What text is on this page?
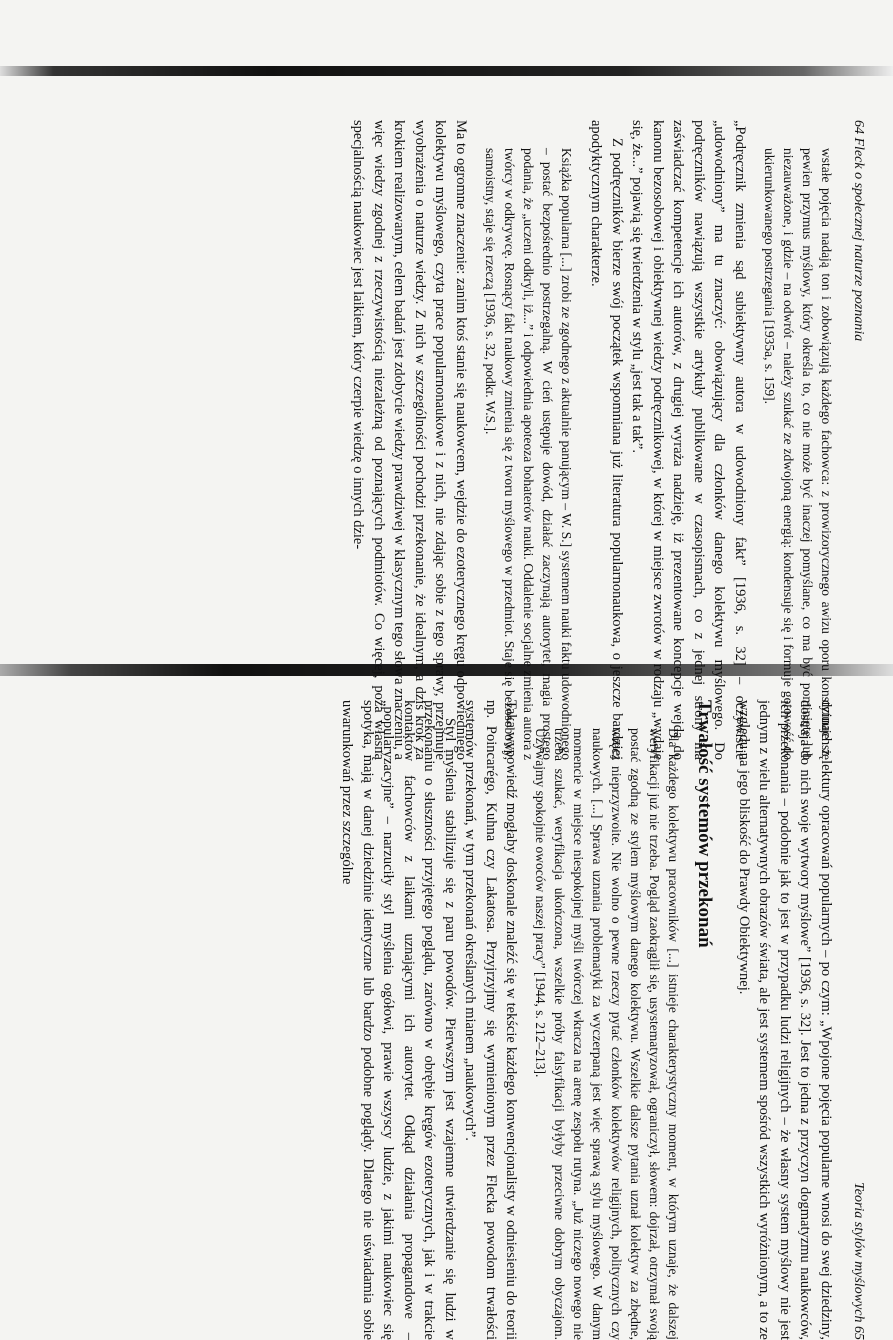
64 Fleck o społecznej naturze poznania

wstałe pojęcia nadają ton i zobowiązują każdego fachowca: z prowizorycznego awizu oporu konstytuuje się pewien przymus myślowy, który określa to, co nie może być inaczej pomyślane, co ma być pominięte lub niezauważone, i gdzie – na odwrót – należy szukać ze zdwojoną energią: kondensuje się i formuje gotowość do ukierunkowanego postrzegania [1935a, s. 159].

„Podręcznik zmienia sąd subiektywny autora w udowodniony fakt” [1936, s. 32] – oczywiście „udowodniony” ma tu znaczyć: obowiązujący dla członków danego kolektywu myślowego. Do podręczników nawiązują wszystkie artykuły publikowane w czasopismach, co z jednej strony ma zaświadczać kompetencje ich autorów, z drugiej wyraża nadzieję, iż prezentowane koncepcje wejdą do kanonu bezosobowej i obiektywnej wiedzy podręcznikowej, w której w miejsce zwrotów w rodzaju „wydaje się, że...” pojawią się twierdzenia w stylu „jest tak a tak”.

Z podręczników bierze swój początek wspomniana już literatura popularnonaukowa, o jeszcze bardziej apodyktycznym charakterze.

Książka popularna [...] zrobi ze zgodnego z aktualnie panującym – W. S.] systemem nauki faktu udowodnionego – postać bezpośrednio postrzegalną. W cień ustępuje dowód, działać zaczynają autorytet, magia prostego podania, że „uczeni odkryli, iż...” i odpowiednia apoteoza bohaterów nauki. Oddalenie socjalne zmienia autora z twórcy w odkrywcę. Rosnący fakt naukowy zmienia się z tworu myślowego w przedmiot. Staje się bezosobowy, samoistny, staje się rzeczą [1936, s. 32, podkr. W.S.].

Ma to ogromne znaczenie: zanim ktoś stanie się naukowcem, wejdzie do ezoterycznego kręgu odpowiedniego kolektywu myślowego, czyta prace popularnonaukowe i z nich, nie zdając sobie z tego sprawy, przejmuje wyobrażenia o naturze wiedzy. Z nich w szczególności pochodzi przekonanie, że idealnym, a dziś krok za krokiem realizowanym, celem badań jest zdobycie wiedzy prawdziwej w klasycznym tego słowa znaczeniu, a więc wiedzy zgodnej z rzeczywistością niezależną od poznających podmiotów. Co więcej, poza własną specjalnością naukowiec jest laikiem, który czerpie wiedzę o innych dzie-

Teoria stylów myślowych 65

dzinach z lektury opracowań popularnych – po czym: „Wpojone pojęcia popularne wnosi do swej dziedziny, dostraja do nich swoje wytwory myślowe” [1936, s. 32]. Jest to jedna z przyczyn dogmatyzmu naukowców, ich przekonania – podobnie jak to jest w przypadku ludzi religijnych – że własny system myślowy nie jest jednym z wielu alternatywnych obrazów świata, ale jest systemem spośród wszystkich wyróżnionym, a to ze względu na jego bliskość do Prawdy Obiektywnej.

Trwałość systemów przekonań

Dla każdego kolektywu pracowników [...] istnieje charakterystyczny moment, w którym uznaje, że dalszej weryfikacji już nie trzeba. Pogląd zaokrąglił się, usystematyzował, ograniczył, słowem: dojrzał, otrzymał swoją postać zgodną ze stylem myślowym danego kolektywu. Wszelkie dalsze pytania uznał kolektyw za zbędne, wręcz nieprzyzwoite. Nie wolno o pewne rzeczy pytać członków kolektywów religijnych, politycznych czy naukowych. [...] Sprawa uznania problematyki za wyczerpaną jest więc sprawą stylu myślowego. W danym momencie w miejsce niespokojnej myśli twórczej wkracza na arenę zespołu rutyna. „Już niczego nowego nie trzeba szukać, weryfikacja ukończona, wszelkie próby falsyfikacji byłyby przeciwne dobrym obyczajom. Używajmy spokojnie owoców naszej pracy” [1944, s. 212–213].

Taka wypowiedź mogłaby doskonale znaleźć się w tekście każdego konwencjonalisty w odniesieniu do teorii np. Poincarégo, Kuhna czy Lakatosa. Przyjrzyjmy się wymienionym przez Flecka powodom trwałości systemów przekonań, w tym przekonań określanych mianem „naukowych”.

Styl myślenia stabilizuje się z paru powodów. Pierwszym jest wzajemne utwierdzanie się ludzi w przekonaniu o słuszności przyjętego poglądu, zarówno w obrębie kręgów ezoterycznych, jak i w trakcie kontaktów fachowców z laikami uznającymi ich autorytet. Odkąd działania propagandowe – „popularyzacyjne” – narzuciły styl myślenia ogółowi, prawie wszyscy ludzie, z jakimi naukowiec się spotyka, mają w danej dziedzinie identyczne lub bardzo podobne poglądy. Dlatego nie uświadamia sobie uwarunkowań przez szczególne
